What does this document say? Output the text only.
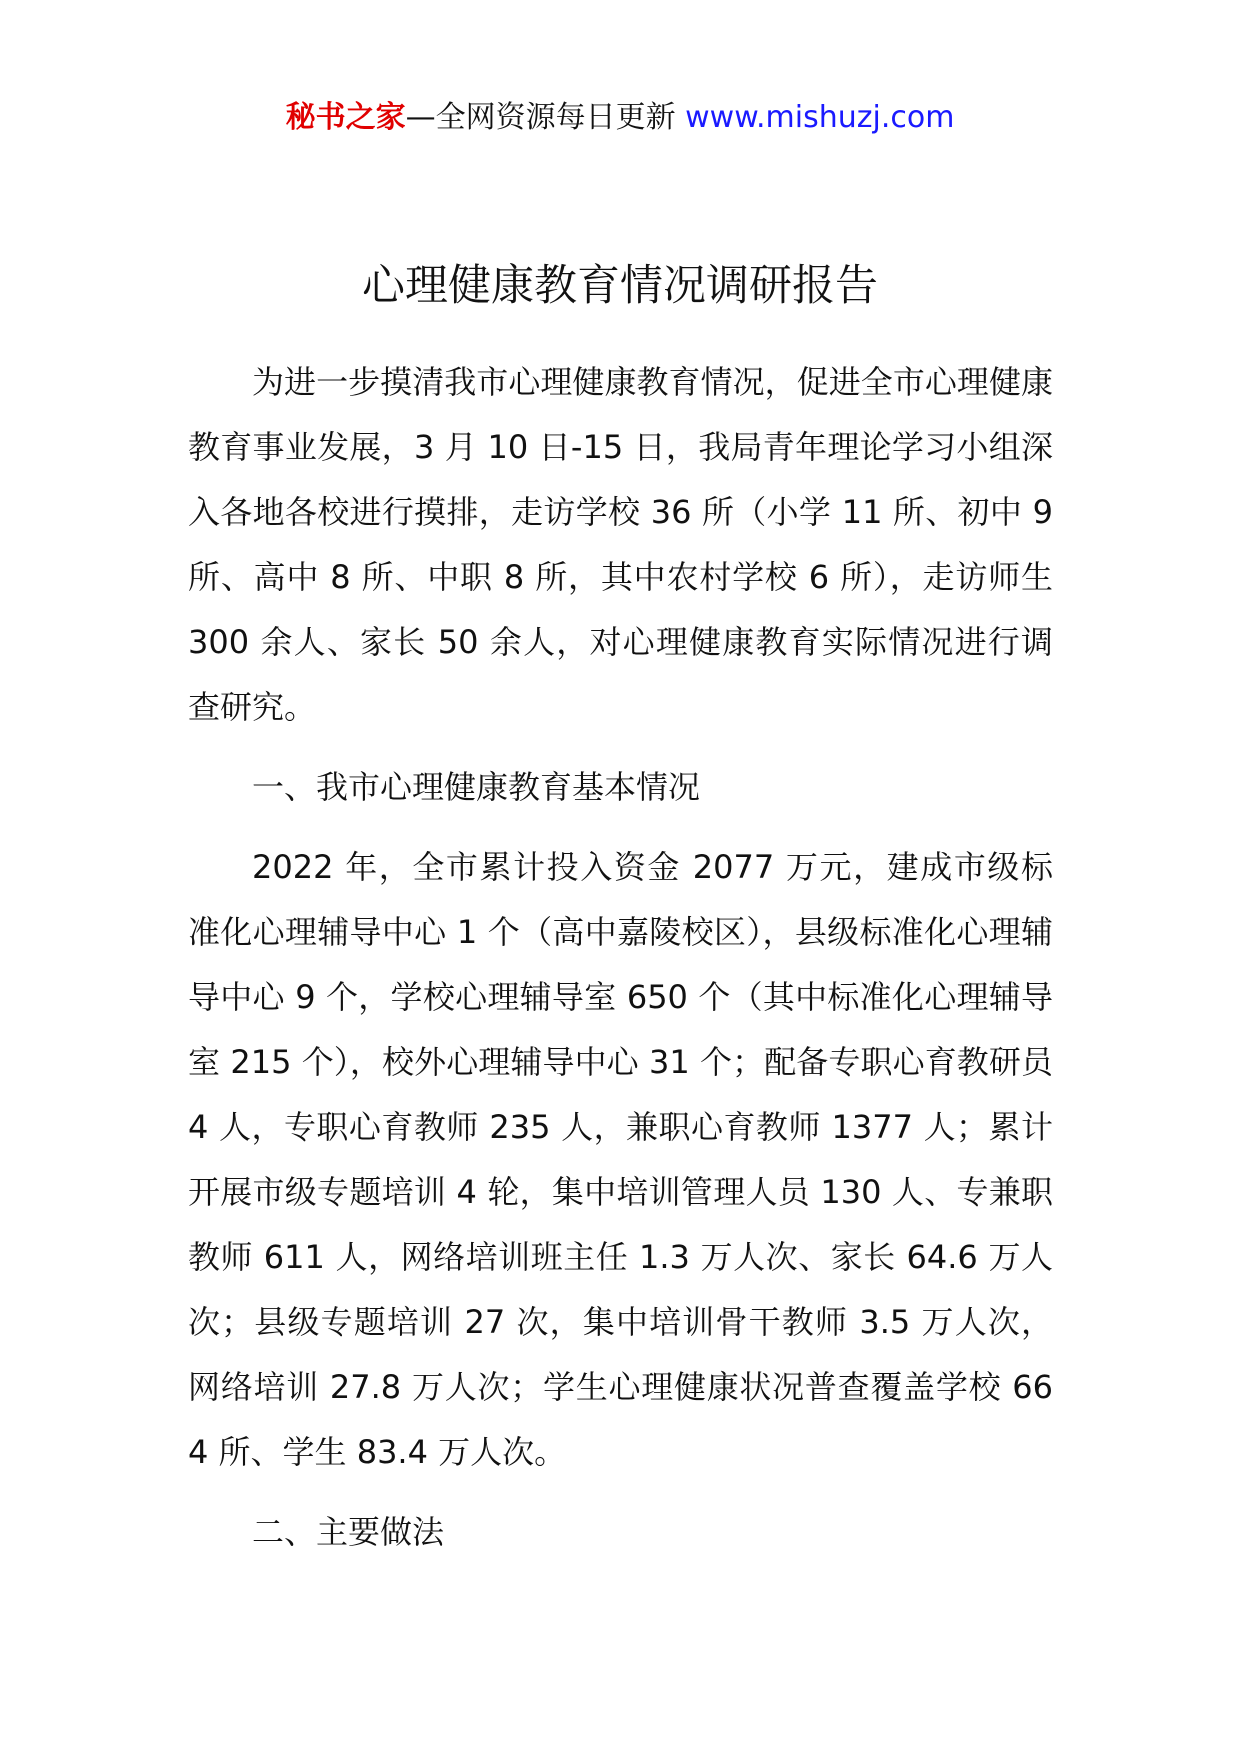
秘书之家—全网资源每日更新 www.mishuzj.com
心理健康教育情况调研报告

为进一步摸清我市心理健康教育情况，促进全市心理健康教育事业发展，3 月 10 日-15 日，我局青年理论学习小组深入各地各校进行摸排，走访学校 36 所（小学 11 所、初中 9 所、高中 8 所、中职 8 所，其中农村学校 6 所），走访师生 300 余人、家长 50 余人，对心理健康教育实际情况进行调查研究。

一、我市心理健康教育基本情况

2022 年，全市累计投入资金 2077 万元，建成市级标准化心理辅导中心 1 个（高中嘉陵校区），县级标准化心理辅导中心 9 个，学校心理辅导室 650 个（其中标准化心理辅导室 215 个），校外心理辅导中心 31 个；配备专职心育教研员 4 人，专职心育教师 235 人，兼职心育教师 1377 人；累计开展市级专题培训 4 轮，集中培训管理人员 130 人、专兼职教师 611 人，网络培训班主任 1.3 万人次、家长 64.6 万人次；县级专题培训 27 次，集中培训骨干教师 3.5 万人次，网络培训 27.8 万人次；学生心理健康状况普查覆盖学校 664 所、学生 83.4 万人次。

二、主要做法
